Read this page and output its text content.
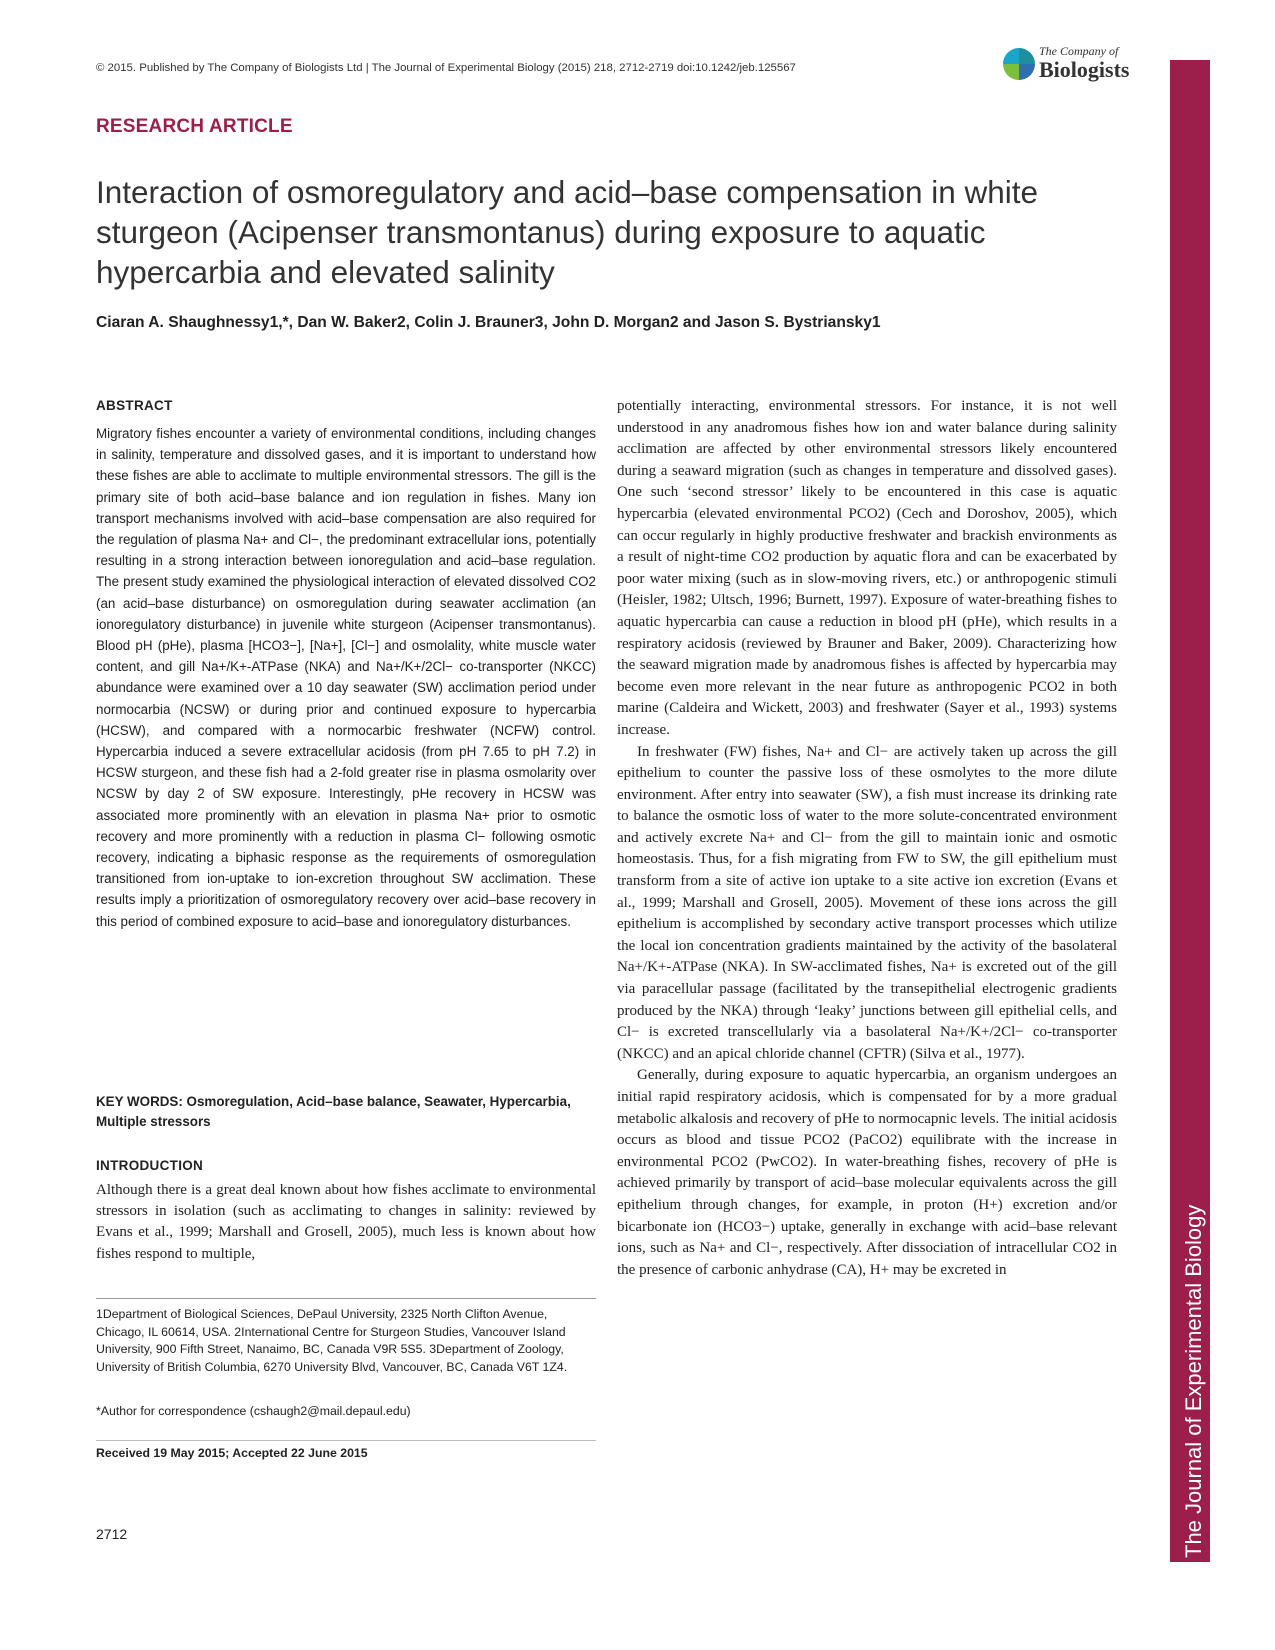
© 2015. Published by The Company of Biologists Ltd | The Journal of Experimental Biology (2015) 218, 2712-2719 doi:10.1242/jeb.125567
The Company of
Biologists
The Journal of Experimental Biology
RESEARCH ARTICLE
Interaction of osmoregulatory and acid–base compensation in white sturgeon (Acipenser transmontanus) during exposure to aquatic hypercarbia and elevated salinity
Ciaran A. Shaughnessy1,*, Dan W. Baker2, Colin J. Brauner3, John D. Morgan2 and Jason S. Bystriansky1
ABSTRACT

Migratory fishes encounter a variety of environmental conditions, including changes in salinity, temperature and dissolved gases, and it is important to understand how these fishes are able to acclimate to multiple environmental stressors. The gill is the primary site of both acid–base balance and ion regulation in fishes. Many ion transport mechanisms involved with acid–base compensation are also required for the regulation of plasma Na+ and Cl−, the predominant extracellular ions, potentially resulting in a strong interaction between ionoregulation and acid–base regulation. The present study examined the physiological interaction of elevated dissolved CO2 (an acid–base disturbance) on osmoregulation during seawater acclimation (an ionoregulatory disturbance) in juvenile white sturgeon (Acipenser transmontanus). Blood pH (pHe), plasma [HCO3−], [Na+], [Cl−] and osmolality, white muscle water content, and gill Na+/K+-ATPase (NKA) and Na+/K+/2Cl− co-transporter (NKCC) abundance were examined over a 10 day seawater (SW) acclimation period under normocarbia (NCSW) or during prior and continued exposure to hypercarbia (HCSW), and compared with a normocarbic freshwater (NCFW) control. Hypercarbia induced a severe extracellular acidosis (from pH 7.65 to pH 7.2) in HCSW sturgeon, and these fish had a 2-fold greater rise in plasma osmolarity over NCSW by day 2 of SW exposure. Interestingly, pHe recovery in HCSW was associated more prominently with an elevation in plasma Na+ prior to osmotic recovery and more prominently with a reduction in plasma Cl− following osmotic recovery, indicating a biphasic response as the requirements of osmoregulation transitioned from ion-uptake to ion-excretion throughout SW acclimation. These results imply a prioritization of osmoregulatory recovery over acid–base recovery in this period of combined exposure to acid–base and ionoregulatory disturbances.

KEY WORDS: Osmoregulation, Acid–base balance, Seawater, Hypercarbia, Multiple stressors
INTRODUCTION

Although there is a great deal known about how fishes acclimate to environmental stressors in isolation (such as acclimating to changes in salinity: reviewed by Evans et al., 1999; Marshall and Grosell, 2005), much less is known about how fishes respond to multiple,

1Department of Biological Sciences, DePaul University, 2325 North Clifton Avenue, Chicago, IL 60614, USA. 2International Centre for Sturgeon Studies, Vancouver Island University, 900 Fifth Street, Nanaimo, BC, Canada V9R 5S5. 3Department of Zoology, University of British Columbia, 6270 University Blvd, Vancouver, BC, Canada V6T 1Z4.

*Author for correspondence (cshaugh2@mail.depaul.edu)
Received 19 May 2015; Accepted 22 June 2015
2712

potentially interacting, environmental stressors. For instance, it is not well understood in any anadromous fishes how ion and water balance during salinity acclimation are affected by other environmental stressors likely encountered during a seaward migration (such as changes in temperature and dissolved gases). One such ‘second stressor’ likely to be encountered in this case is aquatic hypercarbia (elevated environmental PCO2) (Cech and Doroshov, 2005), which can occur regularly in highly productive freshwater and brackish environments as a result of night-time CO2 production by aquatic flora and can be exacerbated by poor water mixing (such as in slow-moving rivers, etc.) or anthropogenic stimuli (Heisler, 1982; Ultsch, 1996; Burnett, 1997). Exposure of water-breathing fishes to aquatic hypercarbia can cause a reduction in blood pH (pHe), which results in a respiratory acidosis (reviewed by Brauner and Baker, 2009). Characterizing how the seaward migration made by anadromous fishes is affected by hypercarbia may become even more relevant in the near future as anthropogenic PCO2 in both marine (Caldeira and Wickett, 2003) and freshwater (Sayer et al., 1993) systems increase.

In freshwater (FW) fishes, Na+ and Cl− are actively taken up across the gill epithelium to counter the passive loss of these osmolytes to the more dilute environment. After entry into seawater (SW), a fish must increase its drinking rate to balance the osmotic loss of water to the more solute-concentrated environment and actively excrete Na+ and Cl− from the gill to maintain ionic and osmotic homeostasis. Thus, for a fish migrating from FW to SW, the gill epithelium must transform from a site of active ion uptake to a site active ion excretion (Evans et al., 1999; Marshall and Grosell, 2005). Movement of these ions across the gill epithelium is accomplished by secondary active transport processes which utilize the local ion concentration gradients maintained by the activity of the basolateral Na+/K+-ATPase (NKA). In SW-acclimated fishes, Na+ is excreted out of the gill via paracellular passage (facilitated by the transepithelial electrogenic gradients produced by the NKA) through ‘leaky’ junctions between gill epithelial cells, and Cl− is excreted transcellularly via a basolateral Na+/K+/2Cl− co-transporter (NKCC) and an apical chloride channel (CFTR) (Silva et al., 1977).

Generally, during exposure to aquatic hypercarbia, an organism undergoes an initial rapid respiratory acidosis, which is compensated for by a more gradual metabolic alkalosis and recovery of pHe to normocapnic levels. The initial acidosis occurs as blood and tissue PCO2 (PaCO2) equilibrate with the increase in environmental PCO2 (PwCO2). In water-breathing fishes, recovery of pHe is achieved primarily by transport of acid–base molecular equivalents across the gill epithelium through changes, for example, in proton (H+) excretion and/or bicarbonate ion (HCO3−) uptake, generally in exchange with acid–base relevant ions, such as Na+ and Cl−, respectively. After dissociation of intracellular CO2 in the presence of carbonic anhydrase (CA), H+ may be excreted in
